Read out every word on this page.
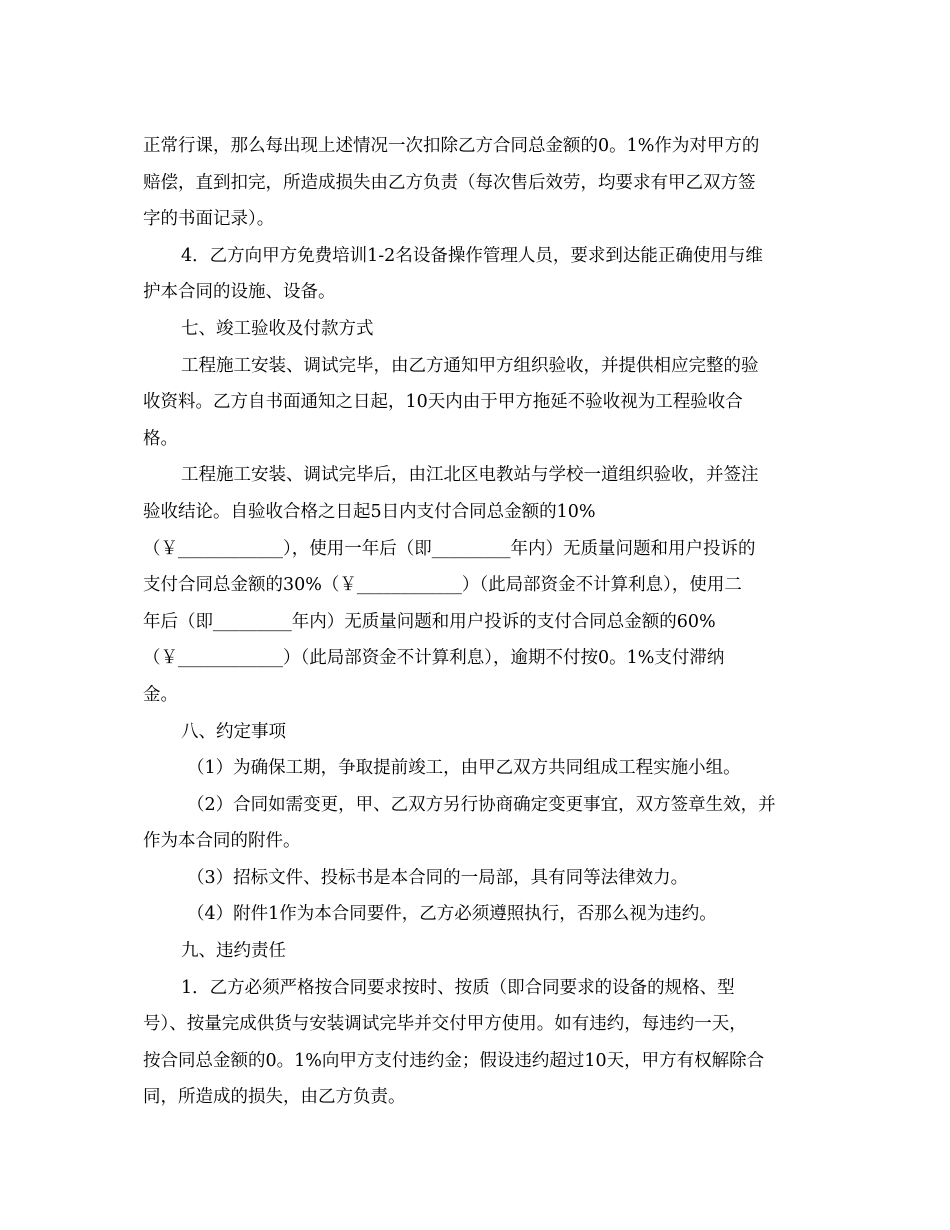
正常行课，那么每出现上述情况一次扣除乙方合同总金额的0。1%作为对甲方的
赔偿，直到扣完，所造成损失由乙方负责（每次售后效劳，均要求有甲乙双方签
字的书面记录）。
4．乙方向甲方免费培训1-2名设备操作管理人员，要求到达能正确使用与维
护本合同的设施、设备。
七、竣工验收及付款方式
工程施工安装、调试完毕，由乙方通知甲方组织验收，并提供相应完整的验
收资料。乙方自书面通知之日起，10天内由于甲方拖延不验收视为工程验收合
格。
工程施工安装、调试完毕后，由江北区电教站与学校一道组织验收，并签注
验收结论。自验收合格之日起5日内支付合同总金额的10%
（￥____________），使用一年后（即_________年内）无质量问题和用户投诉的
支付合同总金额的30%（￥____________）（此局部资金不计算利息），使用二
年后（即_________年内）无质量问题和用户投诉的支付合同总金额的60%
（￥____________）（此局部资金不计算利息），逾期不付按0。1%支付滞纳
金。
八、约定事项
（1）为确保工期，争取提前竣工，由甲乙双方共同组成工程实施小组。
（2）合同如需变更，甲、乙双方另行协商确定变更事宜，双方签章生效，并
作为本合同的附件。
（3）招标文件、投标书是本合同的一局部，具有同等法律效力。
（4）附件1作为本合同要件，乙方必须遵照执行，否那么视为违约。
九、违约责任
1．乙方必须严格按合同要求按时、按质（即合同要求的设备的规格、型
号）、按量完成供货与安装调试完毕并交付甲方使用。如有违约，每违约一天，
按合同总金额的0。1%向甲方支付违约金；假设违约超过10天，甲方有权解除合
同，所造成的损失，由乙方负责。
